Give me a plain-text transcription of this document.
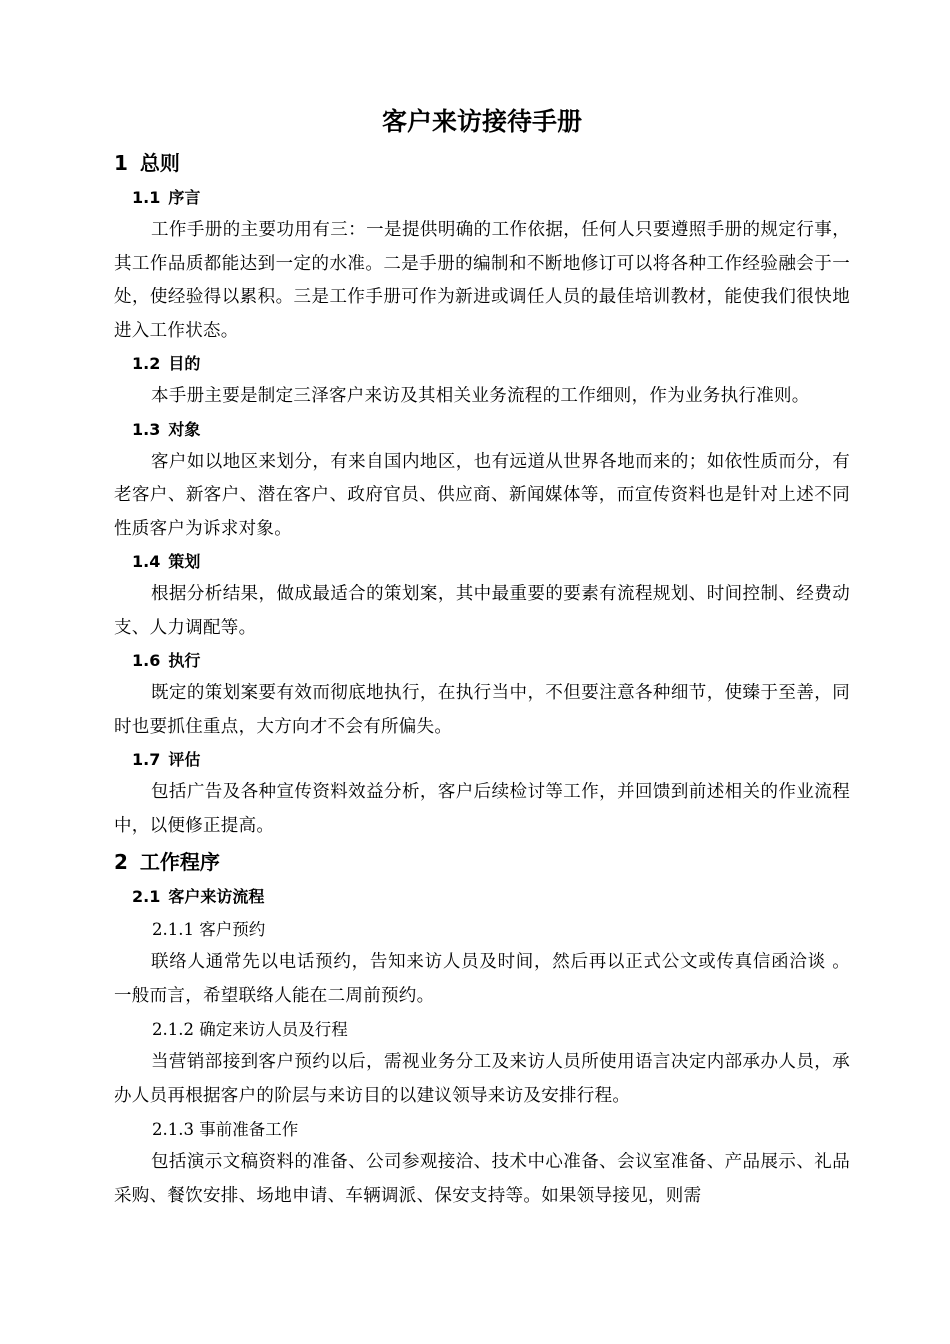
客户来访接待手册
1 总则
1.1 序言

工作手册的主要功用有三：一是提供明确的工作依据，任何人只要遵照手册的规定行事，其工作品质都能达到一定的水准。二是手册的编制和不断地修订可以将各种工作经验融会于一处，使经验得以累积。三是工作手册可作为新进或调任人员的最佳培训教材，能使我们很快地进入工作状态。

1.2 目的

本手册主要是制定三泽客户来访及其相关业务流程的工作细则，作为业务执行准则。

1.3 对象

客户如以地区来划分，有来自国内地区，也有远道从世界各地而来的；如依性质而分，有老客户、新客户、潜在客户、政府官员、供应商、新闻媒体等，而宣传资料也是针对上述不同性质客户为诉求对象。

1.4 策划

根据分析结果，做成最适合的策划案，其中最重要的要素有流程规划、时间控制、经费动支、人力调配等。

1.6 执行

既定的策划案要有效而彻底地执行，在执行当中，不但要注意各种细节，使臻于至善，同时也要抓住重点，大方向才不会有所偏失。

1.7 评估

包括广告及各种宣传资料效益分析，客户后续检讨等工作，并回馈到前述相关的作业流程中，以便修正提高。

2 工作程序
2.1 客户来访流程
2.1.1 客户预约

联络人通常先以电话预约，告知来访人员及时间，然后再以正式公文或传真信函洽谈 。一般而言，希望联络人能在二周前预约。

2.1.2 确定来访人员及行程

当营销部接到客户预约以后，需视业务分工及来访人员所使用语言决定内部承办人员，承办人员再根据客户的阶层与来访目的以建议领导来访及安排行程。

2.1.3 事前准备工作

包括演示文稿资料的准备、公司参观接洽、技术中心准备、会议室准备、产品展示、礼品采购、餐饮安排、场地申请、车辆调派、保安支持等。如果领导接见，则需
